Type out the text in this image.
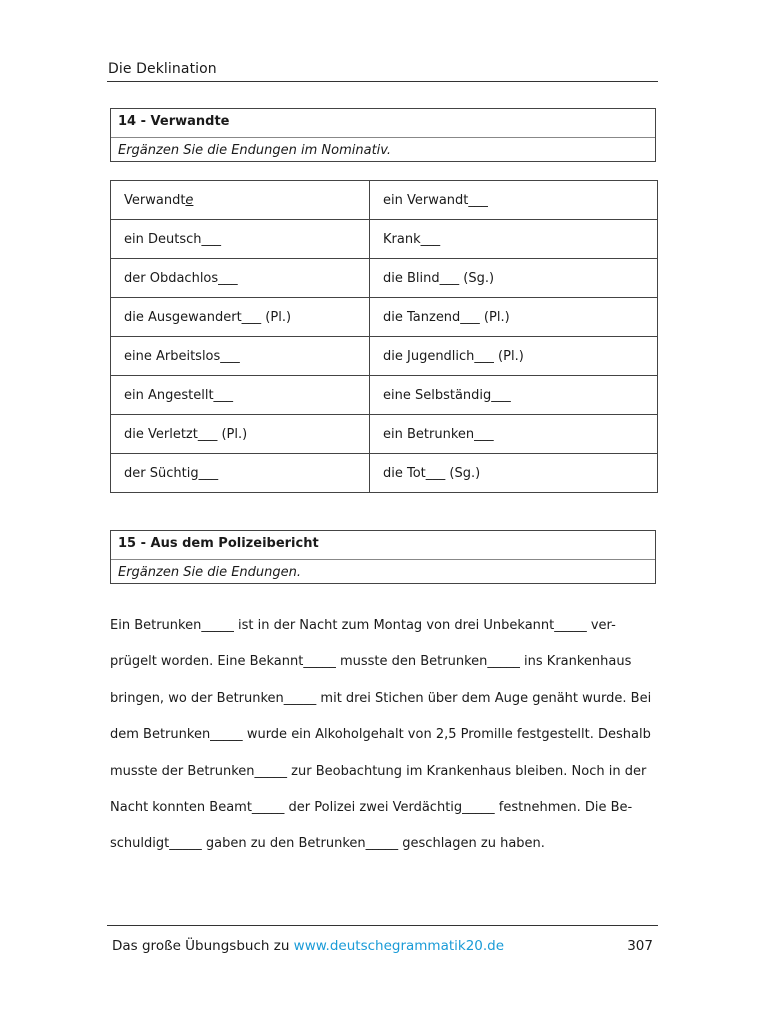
Die Deklination
14 - Verwandte
Ergänzen Sie die Endungen im Nominativ.
Verwandte	ein Verwandt___
ein Deutsch___	Krank___
der Obdachlos___	die Blind___ (Sg.)
die Ausgewandert___ (Pl.)	die Tanzend___ (Pl.)
eine Arbeitslos___	die Jugendlich___ (Pl.)
ein Angestellt___	eine Selbständig___
die Verletzt___ (Pl.)	ein Betrunken___
der Süchtig___	die Tot___ (Sg.)
15 - Aus dem Polizeibericht
Ergänzen Sie die Endungen.
Ein Betrunken_____ ist in der Nacht zum Montag von drei Unbekannt_____ ver-
prügelt worden. Eine Bekannt_____ musste den Betrunken_____ ins Krankenhaus
bringen, wo der Betrunken_____ mit drei Stichen über dem Auge genäht wurde. Bei
dem Betrunken_____ wurde ein Alkoholgehalt von 2,5 Promille festgestellt. Deshalb
musste der Betrunken_____ zur Beobachtung im Krankenhaus bleiben. Noch in der
Nacht konnten Beamt_____ der Polizei zwei Verdächtig_____ festnehmen. Die Be-
schuldigt_____ gaben zu den Betrunken_____ geschlagen zu haben.
Das große Übungsbuch zu www.deutschegrammatik20.de	307
